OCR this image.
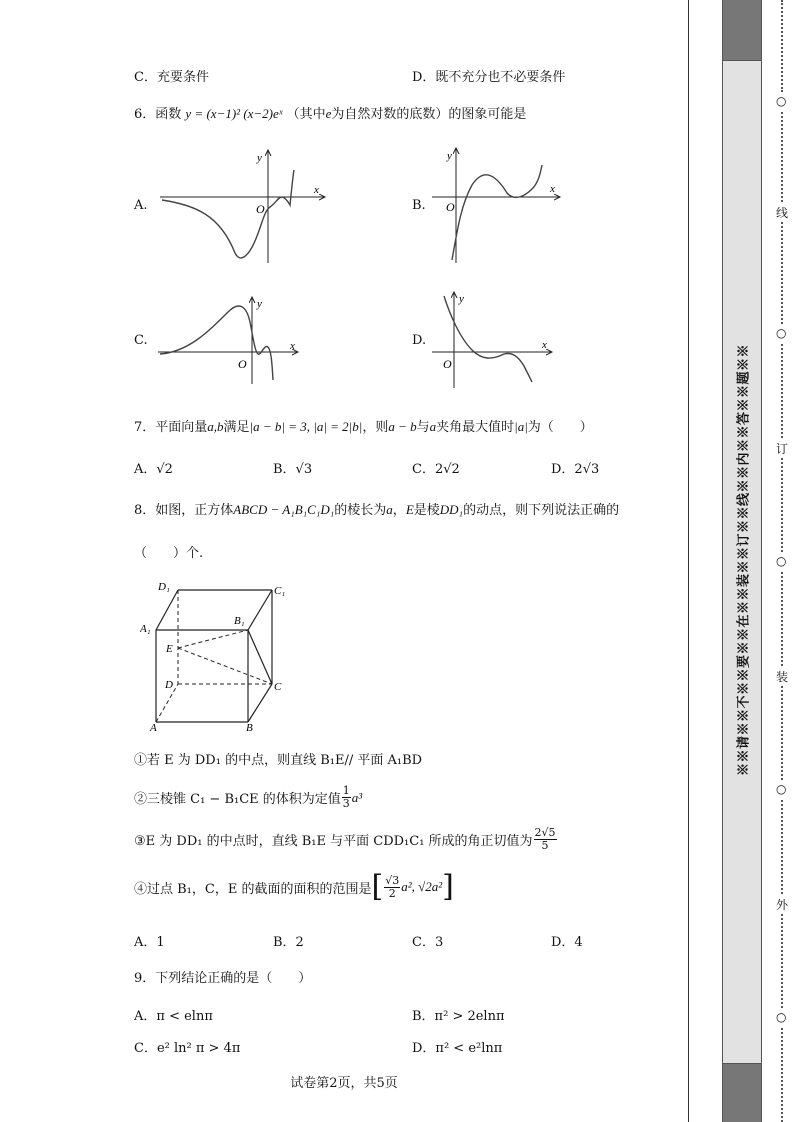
C．充要条件	D．既不充分也不必要条件
6．函数 y = (x−1)² (x−2)eˣ （其中e为自然对数的底数）的图象可能是
A.	B.
C.	D.
x
y
O
x
y
O
x
y
O
x
y
O
7．平面向量a,b满足|a − b| = 3, |a| = 2|b|，则a − b与a夹角最大值时|a|为（　　）
A．√2	B．√3	C．2√2	D．2√3
8．如图，正方体ABCD − A₁B₁C₁D₁的棱长为a，E是棱DD₁的动点，则下列说法正确的
（　　）个.
D₁	C₁
A₁
B₁
E
D	C
A	B
①若 E 为 DD₁ 的中点，则直线 B₁E// 平面 A₁BD
②三棱锥 C₁ − B₁CE 的体积为定值 $\frac{1}{3} a^3$
③E 为 DD₁ 的中点时，直线 B₁E 与平面 CDD₁C₁ 所成的角正切值为 $\frac{2√5}{5}$
④过点 B₁，C，E 的截面的面积的范围是 [ $\frac{√3}{2} a^2$, √2a² ]
A．1	B．2	C．3	D．4
9．下列结论正确的是（　　）
A．π < elnπ	B．π² > 2elnπ
C．e² ln² π > 4π	D．π² < e²lnπ
试卷第2页，共5页
※※请※※不※※要※※在※※装※※订※※线※※内※※答※※题※※
○
线
○
订
○
装
○
外
○
